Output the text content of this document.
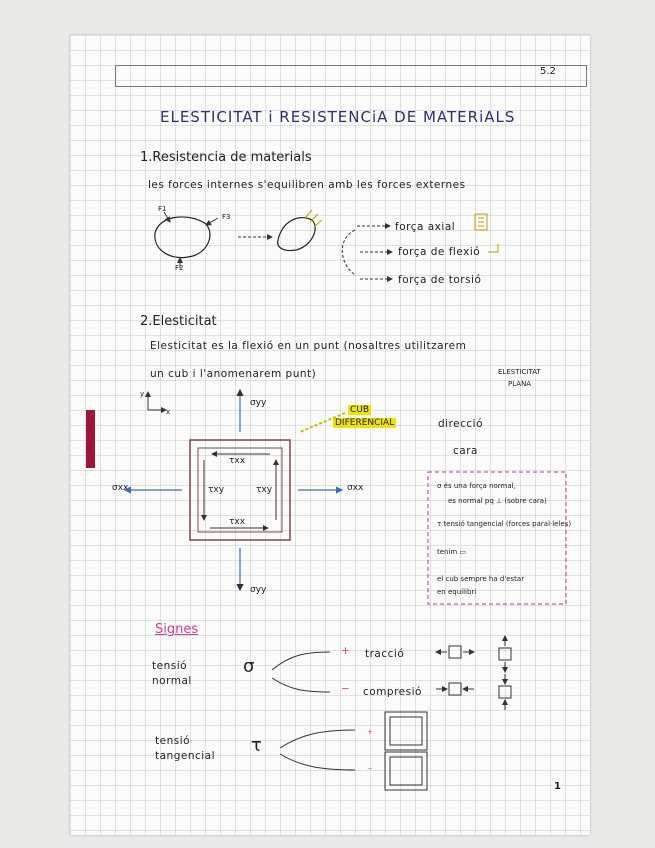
5.2
ELESTICITAT i RESISTENCiA DE MATERiALS
1.Resistencia de materials
les forces internes s'equilibren amb les forces externes
F1
F3
F2
força axial
força de flexió
força de torsió
2.Elesticitat
Elesticitat es la flexió en un punt (nosaltres utilitzarem
un cub i l'anomenarem punt)	ELESTICITAT
PLANA
y
x
σyy
CUB
DIFERENCIAL	direcció
cara
τxx
τxy	τxy
τxx
σxx	σxx
σyy
σ és una força normal,
es normal pq ⊥ (sobre cara)
τ tensió tangencial (forces paral·leles)
tenim ▭
el cub sempre ha d'estar
en equilibri
Signes
tensió
normal
σ
+ tracció
− compresió
tensió
tangencial τ
+
−
1
